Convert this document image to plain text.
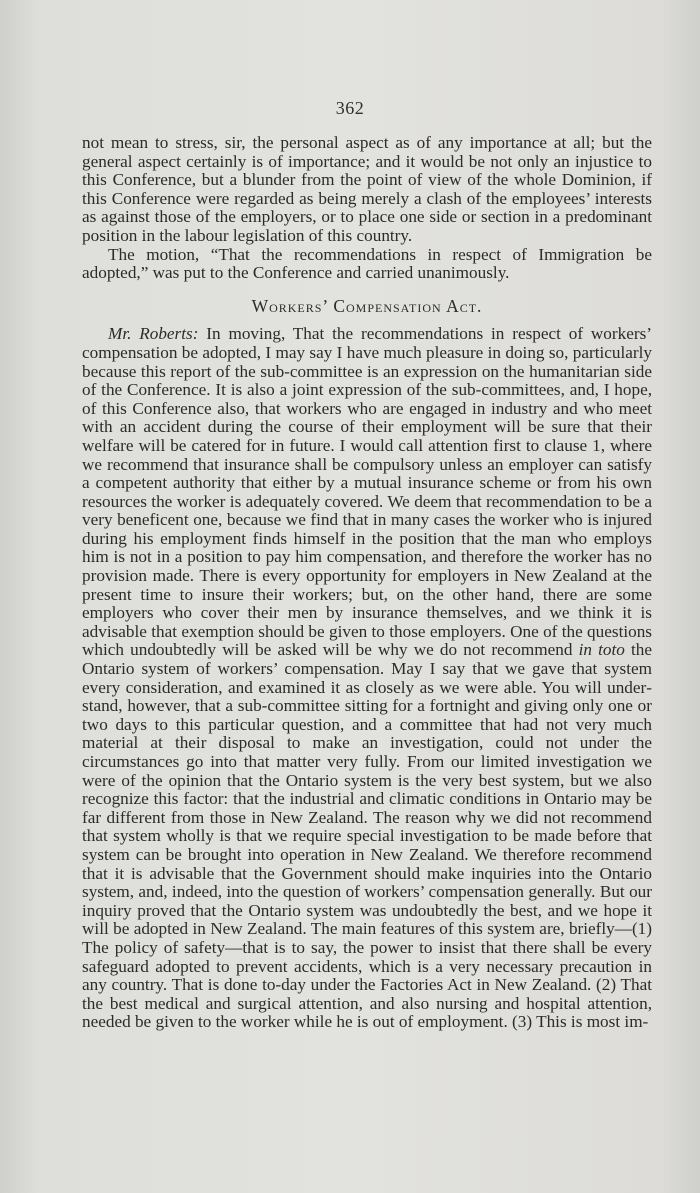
362

not mean to stress, sir, the personal aspect as of any importance at all; but the general aspect certainly is of importance; and it would be not only an injustice to this Conference, but a blunder from the point of view of the whole Dominion, if this Conference were regarded as being merely a clash of the employees’ interests as against those of the employers, or to place one side or section in a predominant position in the labour legislation of this country.

The motion, “That the recommendations in respect of Immigration be adopted,” was put to the Conference and carried unanimously.

Workers’ Compensation Act.

Mr. Roberts: In moving, That the recommendations in respect of workers’ compensation be adopted, I may say I have much pleasure in doing so, particularly because this report of the sub-committee is an expression on the humanitarian side of the Conference. It is also a joint expression of the sub-committees, and, I hope, of this Conference also, that workers who are engaged in industry and who meet with an accident during the course of their employment will be sure that their welfare will be catered for in future. I would call attention first to clause 1, where we recommend that insurance shall be compulsory unless an employer can satisfy a competent authority that either by a mutual insurance scheme or from his own resources the worker is adequately covered. We deem that recommendation to be a very beneficent one, because we find that in many cases the worker who is injured during his employment finds himself in the position that the man who employs him is not in a position to pay him compensation, and therefore the worker has no provision made. There is every opportunity for employers in New Zealand at the present time to insure their workers; but, on the other hand, there are some employers who cover their men by insurance themselves, and we think it is advisable that exemption should be given to those employers. One of the questions which undoubtedly will be asked will be why we do not recommend in toto the Ontario system of workers’ compensation. May I say that we gave that system every consideration, and examined it as closely as we were able. You will understand, however, that a sub-committee sitting for a fortnight and giving only one or two days to this particular question, and a committee that had not very much material at their disposal to make an investigation, could not under the circumstances go into that matter very fully. From our limited investigation we were of the opinion that the Ontario system is the very best system, but we also recognize this factor: that the industrial and climatic conditions in Ontario may be far different from those in New Zealand. The reason why we did not recommend that system wholly is that we require special investigation to be made before that system can be brought into operation in New Zealand. We therefore recommend that it is advisable that the Government should make inquiries into the Ontario system, and, indeed, into the question of workers’ compensation generally. But our inquiry proved that the Ontario system was undoubtedly the best, and we hope it will be adopted in New Zealand. The main features of this system are, briefly—(1) The policy of safety—that is to say, the power to insist that there shall be every safeguard adopted to prevent accidents, which is a very necessary precaution in any country. That is done to-day under the Factories Act in New Zealand. (2) That the best medical and surgical attention, and also nursing and hospital attention, needed be given to the worker while he is out of employment. (3) This is most im-
